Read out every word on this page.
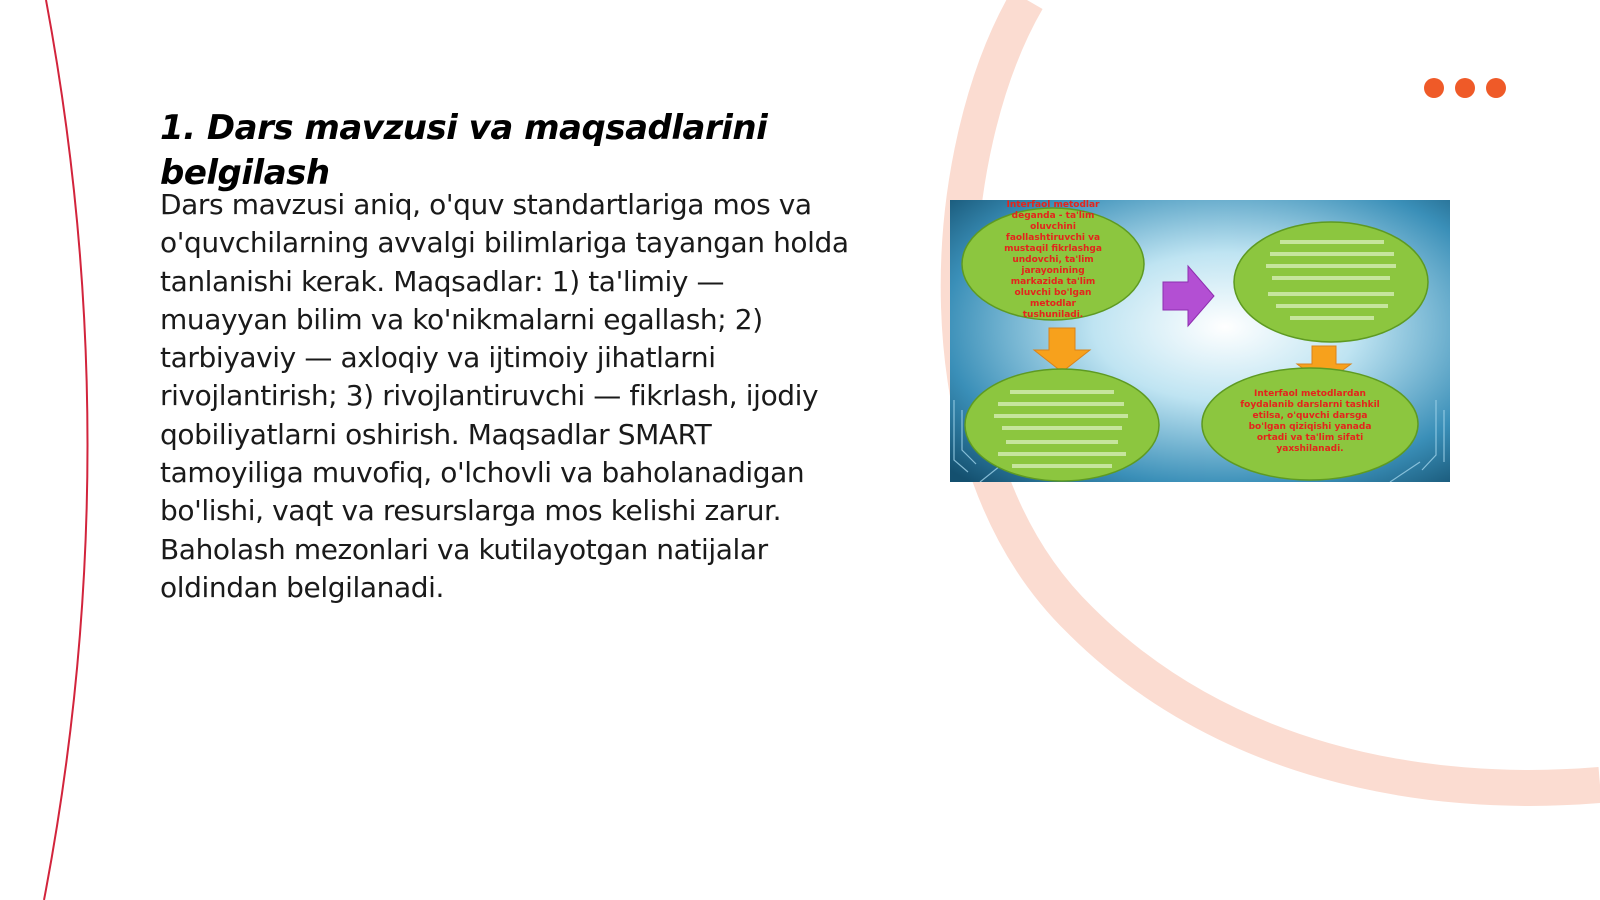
1. Dars mavzusi va maqsadlarini belgilash
Dars mavzusi aniq, o'quv standartlariga mos va o'quvchilarning avvalgi bilimlariga tayangan holda tanlanishi kerak. Maqsadlar: 1) ta'limiy — muayyan bilim va ko'nikmalarni egallash; 2) tarbiyaviy — axloqiy va ijtimoiy jihatlarni rivojlantirish; 3) rivojlantiruvchi — fikrlash, ijodiy qobiliyatlarni oshirish. Maqsadlar SMART tamoyiliga muvofiq, o'lchovli va baholanadigan bo'lishi, vaqt va resurslarga mos kelishi zarur. Baholash mezonlari va kutilayotgan natijalar oldindan belgilanadi.
Interfaol metodlar
deganda - ta'lim
oluvchini
faollashtiruvchi va
mustaqil fikrlashga
undovchi, ta'lim
jarayonining
markazida ta'lim
oluvchi bo'lgan
metodlar
tushuniladi.
Interfaol metodlardan
foydalanib darslarni tashkil
etilsa, o'quvchi darsga
bo'lgan qiziqishi yanada
ortadi va ta'lim sifati
yaxshilanadi.
